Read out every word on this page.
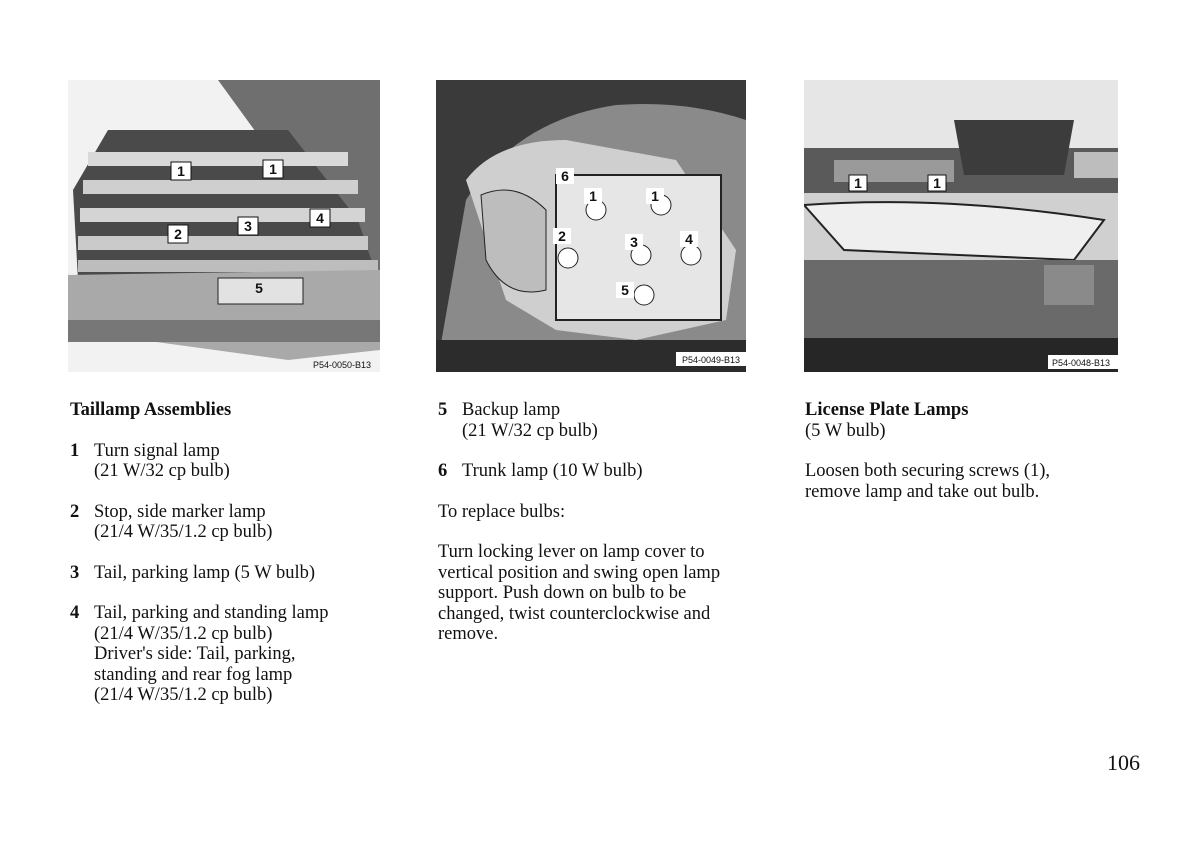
1	1
4
3
2
5
P54-0050-B13
6
1	1
2	3	4
5
P54-0049-B13
1	1
P54-0048-B13

Taillamp Assemblies

1 Turn signal lamp
(21 W/32 cp bulb)
2 Stop, side marker lamp
(21/4 W/35/1.2 cp bulb)
3 Tail, parking lamp (5 W bulb)
4 Tail, parking and standing lamp
(21/4 W/35/1.2 cp bulb)
Driver's side: Tail, parking,
standing and rear fog lamp
(21/4 W/35/1.2 cp bulb)
5 Backup lamp
(21 W/32 cp bulb)
6 Trunk lamp (10 W bulb)

To replace bulbs:

Turn locking lever on lamp cover to
vertical position and swing open lamp
support. Push down on bulb to be
changed, twist counterclockwise and
remove.

License Plate Lamps

(5 W bulb)

Loosen both securing screws (1),
remove lamp and take out bulb.

106
